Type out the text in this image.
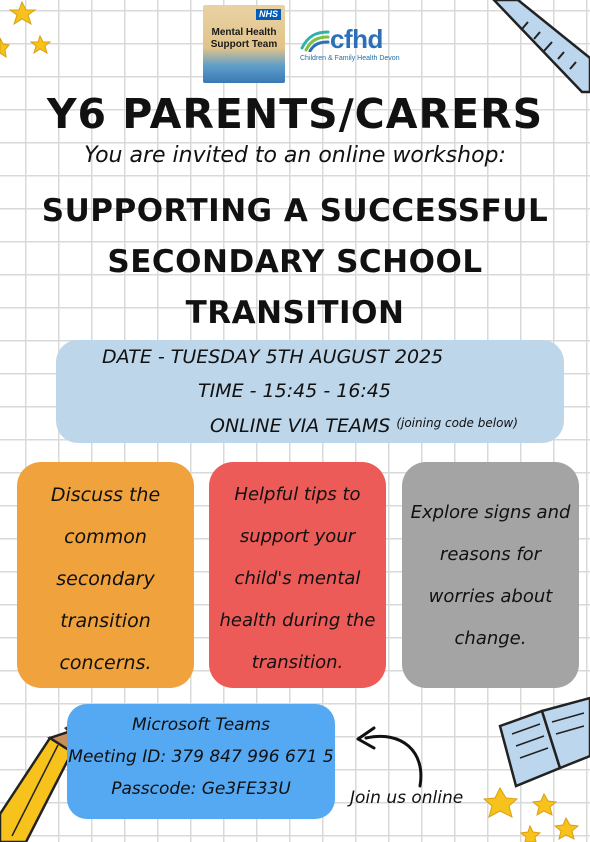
NHS
Mental Health Support Team cfhd
Children & Family Health Devon
Y6 PARENTS/CARERS
You are invited to an online workshop:
SUPPORTING A SUCCESSFUL
SECONDARY SCHOOL
TRANSITION
DATE - TUESDAY 5TH AUGUST 2025
TIME - 15:45 - 16:45
ONLINE VIA TEAMS $^{(joining code below)}$
Discuss the
common
secondary
transition
concerns.
Helpful tips to
support your
child's mental
health during the
transition.
Explore signs and
reasons for
worries about
change.
Microsoft Teams
Meeting ID: 379 847 996 671 5
Passcode: Ge3FE33U	Join us online
